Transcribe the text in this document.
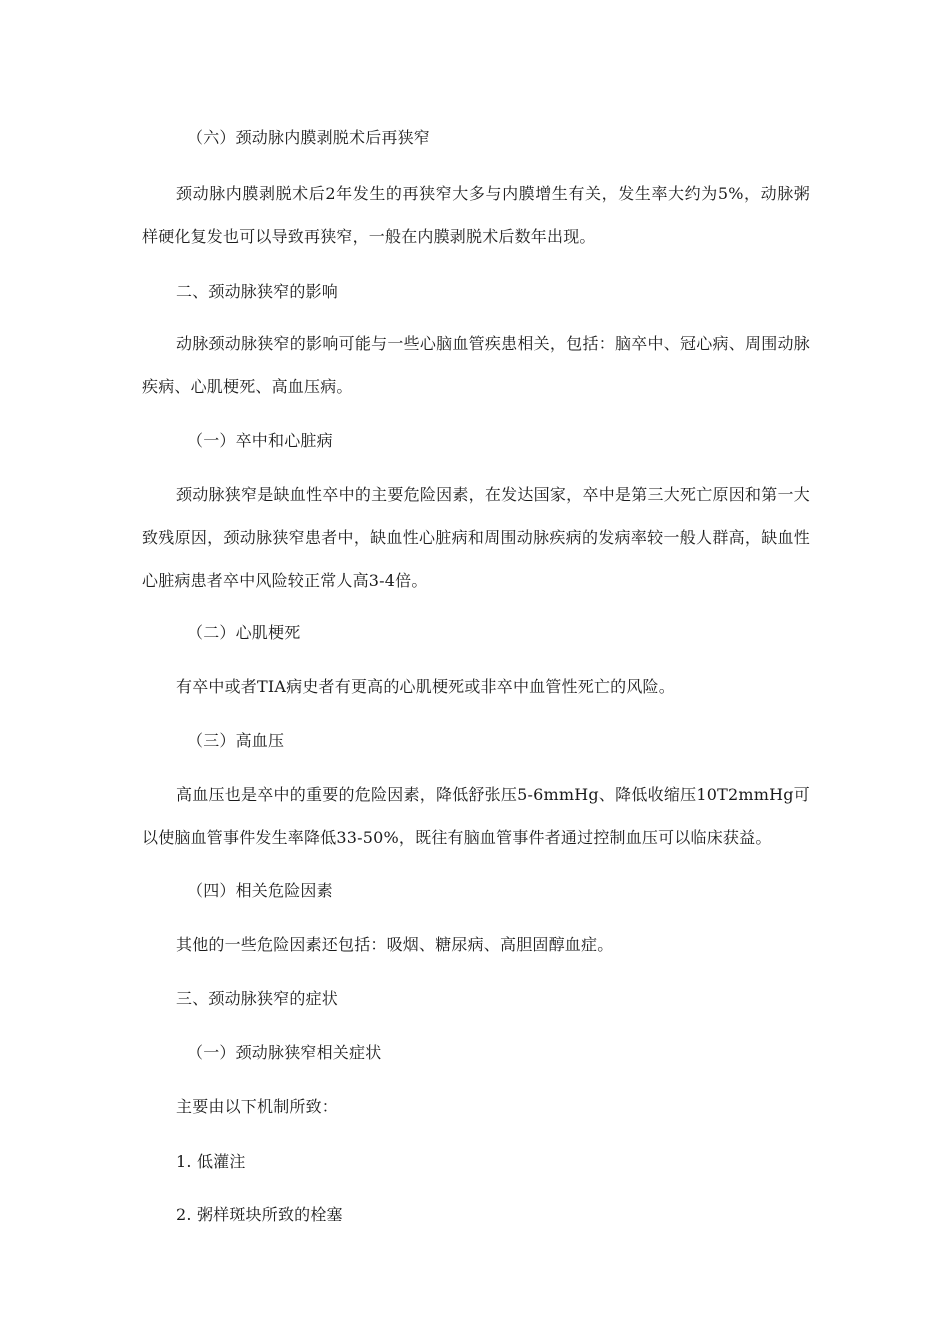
（六）颈动脉内膜剥脱术后再狭窄
颈动脉内膜剥脱术后2年发生的再狭窄大多与内膜增生有关，发生率大约为5%，动脉粥样硬化复发也可以导致再狭窄，一般在内膜剥脱术后数年出现。
二、颈动脉狭窄的影响
动脉颈动脉狭窄的影响可能与一些心脑血管疾患相关，包括：脑卒中、冠心病、周围动脉疾病、心肌梗死、高血压病。
（一）卒中和心脏病
颈动脉狭窄是缺血性卒中的主要危险因素，在发达国家，卒中是第三大死亡原因和第一大致残原因，颈动脉狭窄患者中，缺血性心脏病和周围动脉疾病的发病率较一般人群高，缺血性心脏病患者卒中风险较正常人高3-4倍。
（二）心肌梗死
有卒中或者TIA病史者有更高的心肌梗死或非卒中血管性死亡的风险。
（三）高血压
高血压也是卒中的重要的危险因素，降低舒张压5-6mmHg、降低收缩压10T2mmHg可以使脑血管事件发生率降低33-50%，既往有脑血管事件者通过控制血压可以临床获益。
（四）相关危险因素
其他的一些危险因素还包括：吸烟、糖尿病、高胆固醇血症。
三、颈动脉狭窄的症状
（一）颈动脉狭窄相关症状
主要由以下机制所致：
1. 低灌注
2. 粥样斑块所致的栓塞
